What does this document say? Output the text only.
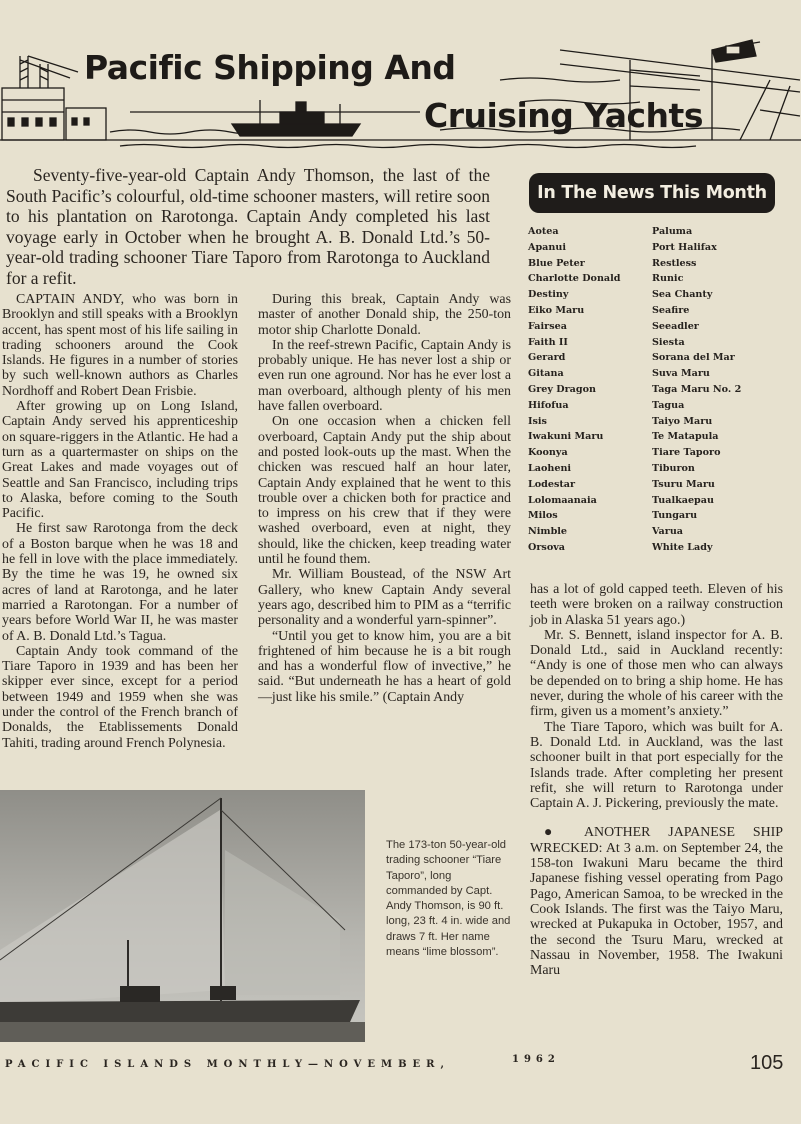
Pacific Shipping And
Cruising Yachts
Seventy-five-year-old Captain Andy Thomson, the last of the South Pacific’s colourful, old-time schooner masters, will retire soon to his plantation on Rarotonga. Captain Andy completed his last voyage early in October when he brought A. B. Donald Ltd.’s 50-year-old trading schooner Tiare Taporo from Rarotonga to Auckland for a refit.

CAPTAIN ANDY, who was born in Brooklyn and still speaks with a Brooklyn accent, has spent most of his life sailing in trading schooners around the Cook Islands. He figures in a number of stories by such well-known authors as Charles Nordhoff and Robert Dean Frisbie.

After growing up on Long Island, Captain Andy served his apprenticeship on square-riggers in the Atlantic. He had a turn as a quartermaster on ships on the Great Lakes and made voyages out of Seattle and San Francisco, including trips to Alaska, before coming to the South Pacific.

He first saw Rarotonga from the deck of a Boston barque when he was 18 and he fell in love with the place immediately. By the time he was 19, he owned six acres of land at Rarotonga, and he later married a Rarotongan. For a number of years before World War II, he was master of A. B. Donald Ltd.’s Tagua.

Captain Andy took command of the Tiare Taporo in 1939 and has been her skipper ever since, except for a period between 1949 and 1959 when she was under the control of the French branch of Donalds, the Etablissements Donald Tahiti, trading around French Polynesia.

During this break, Captain Andy was master of another Donald ship, the 250-ton motor ship Charlotte Donald.

In the reef-strewn Pacific, Captain Andy is probably unique. He has never lost a ship or even run one aground. Nor has he ever lost a man overboard, although plenty of his men have fallen overboard.

On one occasion when a chicken fell overboard, Captain Andy put the ship about and posted look-outs up the mast. When the chicken was rescued half an hour later, Captain Andy explained that he went to this trouble over a chicken both for practice and to impress on his crew that if they were washed overboard, even at night, they should, like the chicken, keep treading water until he found them.

Mr. William Boustead, of the NSW Art Gallery, who knew Captain Andy several years ago, described him to PIM as a “terrific personality and a wonderful yarn-spinner”.

“Until you get to know him, you are a bit frightened of him because he is a bit rough and has a wonderful flow of invective,” he said. “But underneath he has a heart of gold—just like his smile.” (Captain Andy

In The News This Month
Aotea
Apanui
Blue Peter
Charlotte Donald
Destiny
Eiko Maru
Fairsea
Faith II
Gerard
Gitana
Grey Dragon
Hifofua
Isis
Iwakuni Maru
Koonya
Laoheni
Lodestar
Lolomaanaia
Milos
Nimble
Orsova
Paluma
Port Halifax
Restless
Runic
Sea Chanty
Seafire
Seeadler
Siesta
Sorana del Mar
Suva Maru
Taga Maru No. 2
Tagua
Taiyo Maru
Te Matapula
Tiare Taporo
Tiburon
Tsuru Maru
Tualkaepau
Tungaru
Varua
White Lady

has a lot of gold capped teeth. Eleven of his teeth were broken on a railway construction job in Alaska 51 years ago.)

Mr. S. Bennett, island inspector for A. B. Donald Ltd., said in Auckland recently: “Andy is one of those men who can always be depended on to bring a ship home. He has never, during the whole of his career with the firm, given us a moment’s anxiety.”

The Tiare Taporo, which was built for A. B. Donald Ltd. in Auckland, was the last schooner built in that port especially for the Islands trade. After completing her present refit, she will return to Rarotonga under Captain A. J. Pickering, previously the mate.

● ANOTHER JAPANESE SHIP WRECKED: At 3 a.m. on September 24, the 158-ton Iwakuni Maru became the third Japanese fishing vessel operating from Pago Pago, American Samoa, to be wrecked in the Cook Islands. The first was the Taiyo Maru, wrecked at Pukapuka in October, 1957, and the second the Tsuru Maru, wrecked at Nassau in November, 1958. The Iwakuni Maru

The 173-ton 50-year-old trading schooner “Tiare Taporo”, long commanded by Capt. Andy Thomson, is 90 ft. long, 23 ft. 4 in. wide and draws 7 ft. Her name means “lime blossom”.
PACIFIC ISLANDS MONTHLY—NOVEMBER,	1962	105
